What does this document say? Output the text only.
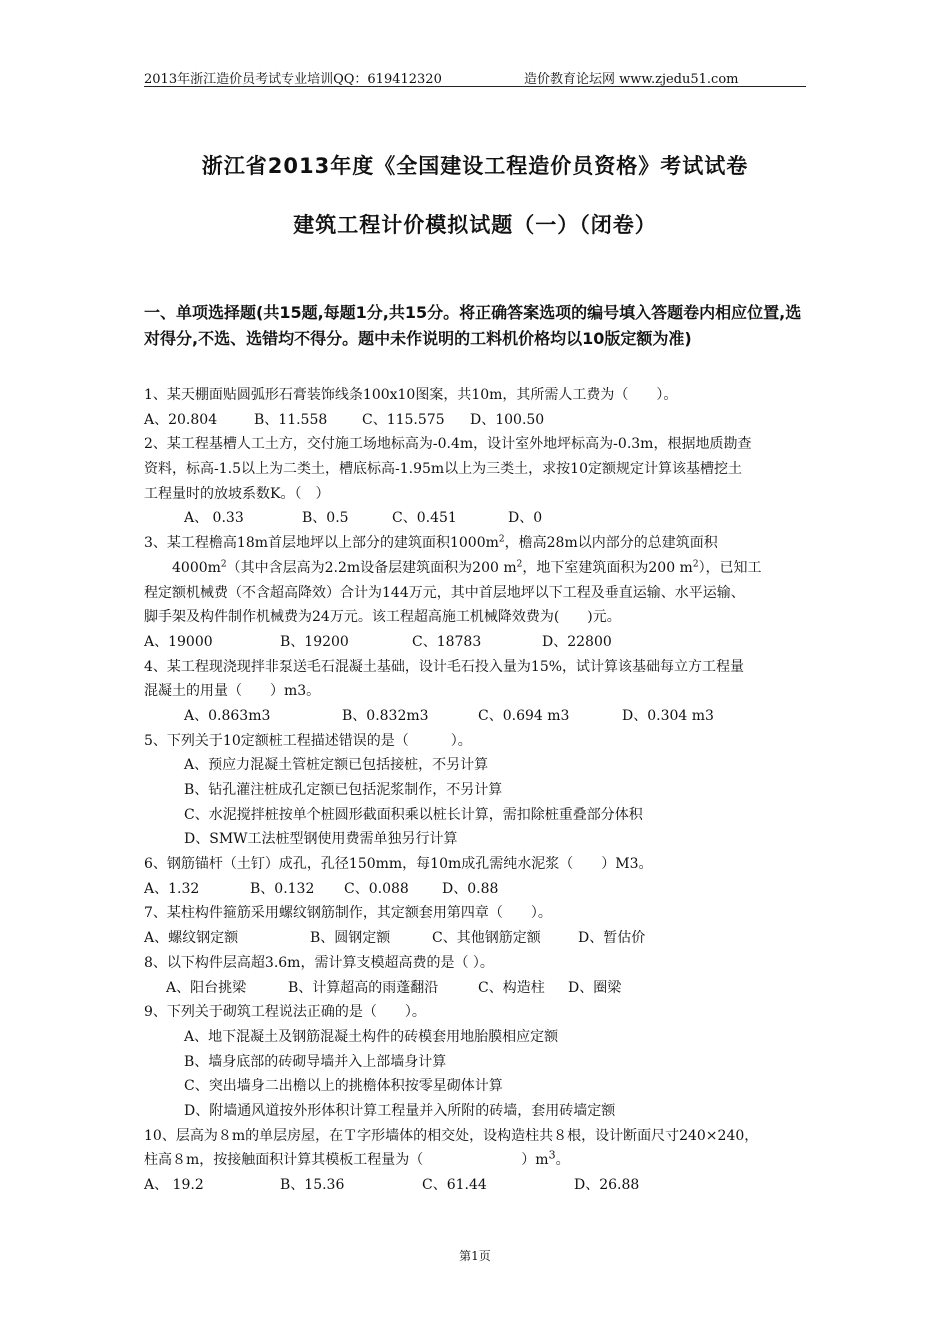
2013年浙江造价员考试专业培训QQ：619412320	造价教育论坛网 www.zjedu51.com
浙江省2013年度《全国建设工程造价员资格》考试试卷
建筑工程计价模拟试题（一）（闭卷）
一、单项选择题(共15题,每题1分,共15分。将正确答案选项的编号填入答题卷内相应位置,选对得分,不选、选错均不得分。题中未作说明的工料机价格均以10版定额为准)
1、某天棚面贴圆弧形石膏装饰线条100x10图案，共10m，其所需人工费为（　　）。
A、20.804	B、11.558 C、115.575 D、100.50
2、某工程基槽人工土方，交付施工场地标高为-0.4m，设计室外地坪标高为-0.3m，根据地质勘查
资料，标高-1.5以上为二类土，槽底标高-1.95m以上为三类土，求按10定额规定计算该基槽挖土
工程量时的放坡系数K。（　）
A、 0.33	B、0.5	C、0.451	D、0
3、某工程檐高18m首层地坪以上部分的建筑面积$1000m^2$，檐高28m以内部分的总建筑面积
$4000m^2$（其中含层高为2.2m设备层建筑面积为200 $m^2$，地下室建筑面积为200 $m^2$），已知工
程定额机械费（不含超高降效）合计为144万元，其中首层地坪以下工程及垂直运输、水平运输、
脚手架及构件制作机械费为24万元。该工程超高施工机械降效费为(　　)元。
A、19000	B、19200	C、18783	D、22800
4、某工程现浇现拌非泵送毛石混凝土基础，设计毛石投入量为15%，试计算该基础每立方工程量
混凝土的用量（　　）m3。
A、0.863m3	B、0.832m3	C、0.694 m3	D、0.304 m3
5、下列关于10定额桩工程描述错误的是（　　　）。
A、预应力混凝土管桩定额已包括接桩，不另计算
B、钻孔灌注桩成孔定额已包括泥浆制作，不另计算
C、水泥搅拌桩按单个桩圆形截面积乘以桩长计算，需扣除桩重叠部分体积
D、SMW工法桩型钢使用费需单独另行计算
6、钢筋锚杆（土钉）成孔，孔径150mm，每10m成孔需纯水泥浆（　　）M3。
A、1.32	B、0.132 C、0.088 D、0.88
7、某柱构件箍筋采用螺纹钢筋制作，其定额套用第四章（　　）。
A、螺纹钢定额	B、圆钢定额	C、其他钢筋定额	D、暂估价
8、以下构件层高超3.6m，需计算支模超高费的是（ ）。
A、阳台挑梁	B、计算超高的雨蓬翻沿	C、构造柱 D、圈梁
9、下列关于砌筑工程说法正确的是（　　）。
A、地下混凝土及钢筋混凝土构件的砖模套用地胎膜相应定额
B、墙身底部的砖砌导墙并入上部墙身计算
C、突出墙身二出檐以上的挑檐体积按零星砌体计算
D、附墙通风道按外形体积计算工程量并入所附的砖墙，套用砖墙定额
10、层高为８m的单层房屋，在Ｔ字形墙体的相交处，设构造柱共８根，设计断面尺寸240×240，
柱高８m，按接触面积计算其模板工程量为（　　　　　　　）$m^3$。
A、 19.2	B、15.36	C、61.44	D、26.88
第1页
